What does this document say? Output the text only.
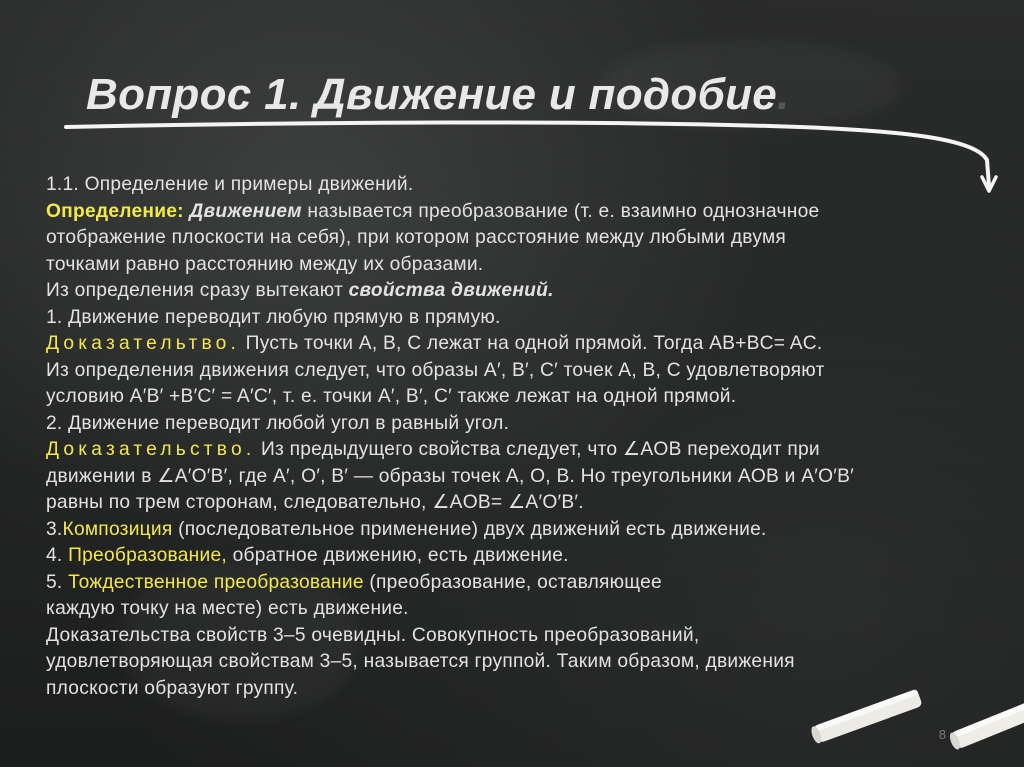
Вопрос 1. Движение и подобие.
1.1. Определение и примеры движений.
Определение: Движением называется преобразование (т. е. взаимно однозначное
отображение плоскости на себя), при котором расстояние между любыми двумя
точками равно расстоянию между их образами.
Из определения сразу вытекают свойства движений.
1. Движение переводит любую прямую в прямую.
Доказательтво. Пусть точки A, B, C лежат на одной прямой. Тогда AB+BC= AC.
Из определения движения следует, что образы A′, B′, C′ точек A, B, C удовлетворяют
условию A′B′ +B′C′ = A′C′, т. е. точки A′, B′, C′ также лежат на одной прямой.
2. Движение переводит любой угол в равный угол.
Доказательство. Из предыдущего свойства следует, что ∠AOB переходит при
движении в ∠A′O′B′, где A′, O′, B′ — образы точек A, O, B. Но треугольники AOB и A′O′B′
равны по трем сторонам, следовательно, ∠AOB= ∠A′O′B′.
3.Композиция (последовательное применение) двух движений есть движение.
4. Преобразование, обратное движению, есть движение.
5. Тождественное преобразование (преобразование, оставляющее
каждую точку на месте) есть движение.
Доказательства свойств 3–5 очевидны. Совокупность преобразований,
удовлетворяющая свойствам 3–5, называется группой. Таким образом, движения
плоскости образуют группу.
8
